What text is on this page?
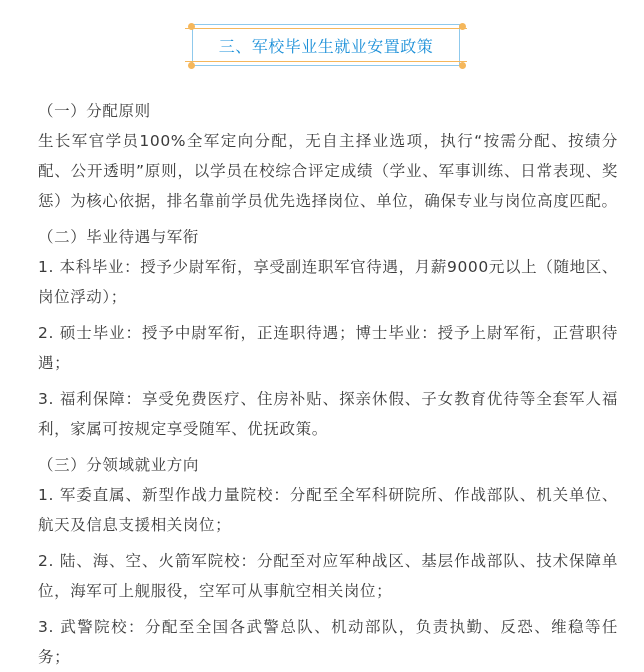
三、军校毕业生就业安置政策

（一）分配原则

生长军官学员100%全军定向分配，无自主择业选项，执行“按需分配、按绩分配、公开透明”原则，以学员在校综合评定成绩（学业、军事训练、日常表现、奖惩）为核心依据，排名靠前学员优先选择岗位、单位，确保专业与岗位高度匹配。

（二）毕业待遇与军衔

1. 本科毕业：授予少尉军衔，享受副连职军官待遇，月薪9000元以上（随地区、岗位浮动）；

2. 硕士毕业：授予中尉军衔，正连职待遇；博士毕业：授予上尉军衔，正营职待遇；

3. 福利保障：享受免费医疗、住房补贴、探亲休假、子女教育优待等全套军人福利，家属可按规定享受随军、优抚政策。

（三）分领域就业方向

1. 军委直属、新型作战力量院校：分配至全军科研院所、作战部队、机关单位、航天及信息支援相关岗位；

2. 陆、海、空、火箭军院校：分配至对应军种战区、基层作战部队、技术保障单位，海军可上舰服役，空军可从事航空相关岗位；

3. 武警院校：分配至全国各武警总队、机动部队，负责执勤、反恐、维稳等任务；
